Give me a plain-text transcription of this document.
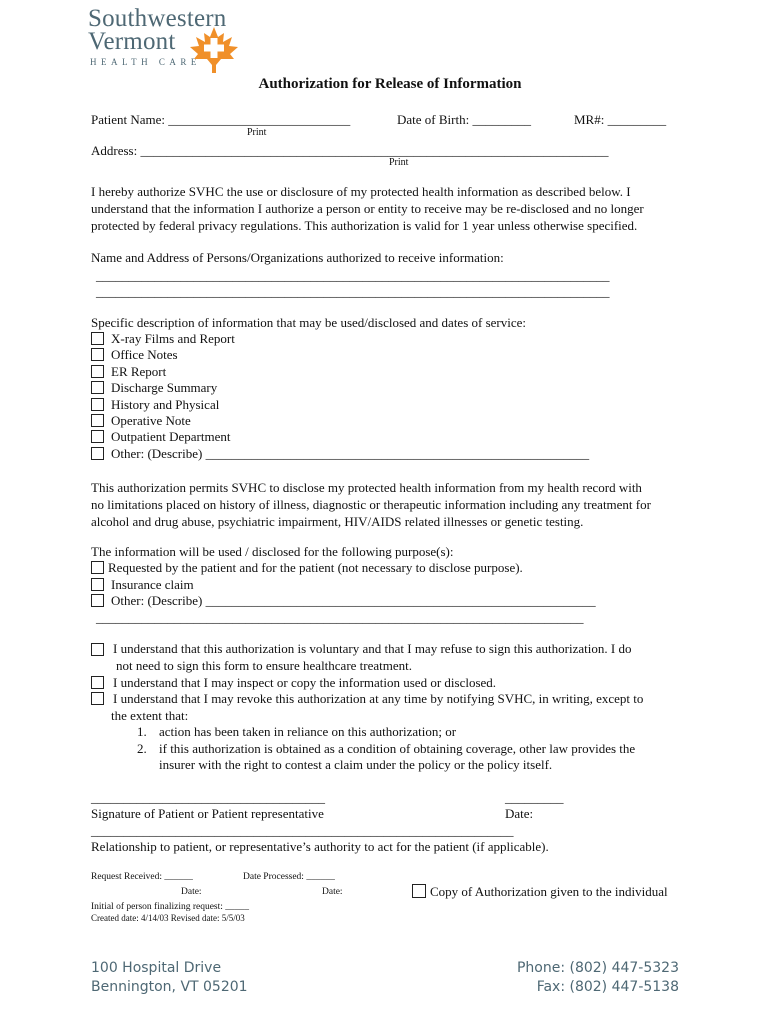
Southwestern
Vermont
HEALTH CARE
Authorization for Release of Information
Patient Name: ____________________________	Date of Birth: _________	MR#: _________
Print
Address: ________________________________________________________________________
Print
I hereby authorize SVHC the use or disclosure of my protected health information as described below. I
understand that the information I authorize a person or entity to receive may be re-disclosed and no longer
protected by federal privacy regulations. This authorization is valid for 1 year unless otherwise specified.
Name and Address of Persons/Organizations authorized to receive information:
_______________________________________________________________________________
_______________________________________________________________________________
Specific description of information that may be used/disclosed and dates of service:
X-ray Films and Report
Office Notes
ER Report
Discharge Summary
History and Physical
Operative Note
Outpatient Department
Other: (Describe) ___________________________________________________________
This authorization permits SVHC to disclose my protected health information from my health record with
no limitations placed on history of illness, diagnostic or therapeutic information including any treatment for
alcohol and drug abuse, psychiatric impairment, HIV/AIDS related illnesses or genetic testing.
The information will be used / disclosed for the following purpose(s):
Requested by the patient and for the patient (not necessary to disclose purpose).
Insurance claim
Other: (Describe) ____________________________________________________________
___________________________________________________________________________
I understand that this authorization is voluntary and that I may refuse to sign this authorization. I do
not need to sign this form to ensure healthcare treatment.
I understand that I may inspect or copy the information used or disclosed.
I understand that I may revoke this authorization at any time by notifying SVHC, in writing, except to
the extent that:
1. action has been taken in reliance on this authorization; or
2. if this authorization is obtained as a condition of obtaining coverage, other law provides the
insurer with the right to contest a claim under the policy or the policy itself.
____________________________________
Signature of Patient or Patient representative
_________
Date:
_________________________________________________________________
Relationship to patient, or representative’s authority to act for the patient (if applicable).
Request Received: ______	Date Processed: ______
Date:	Date:	Copy of Authorization given to the individual
Initial of person finalizing request: _____
Created date: 4/14/03 Revised date: 5/5/03
100 Hospital Drive
Bennington, VT 05201
Phone: (802) 447-5323
Fax: (802) 447-5138
